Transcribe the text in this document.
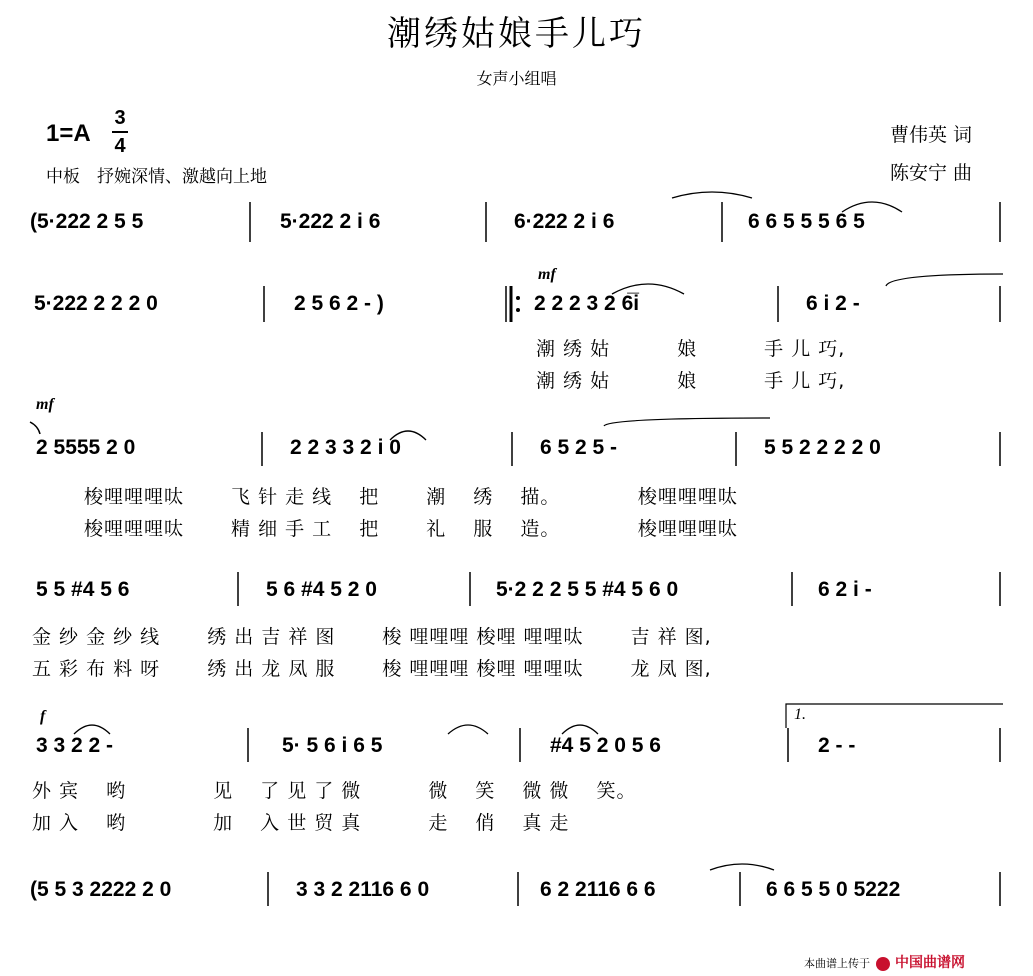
潮绣姑娘手儿巧
女声小组唱
1=A
3
4
中板　抒婉深情、激越向上地
曹伟英 词
陈安宁 曲
(5·222 2 5 5	5·222 2 i 6	6·222 2 i 6	6 6 5 5 5 6 5
mf
5·222 2 2 2 0	2 5 6 2 - )	2 2 2 3 2 6̅i	6 i 2 -
潮 绣 姑　　　 娘　　　 手 儿 巧,
潮 绣 姑　　　 娘　　　 手 儿 巧,
mf
2 5555 2 0	2 2 3 3 2 i 0	6 5 2 5 -	5 5 2 2 2 2 0
梭哩哩哩呔　　 飞 针 走 线　 把　　 潮　 绣　 描。　　　　 梭哩哩哩呔
梭哩哩哩呔　　 精 细 手 工　 把　　 礼　 服　 造。　　　　 梭哩哩哩呔
5 5 #4 5 6	5 6 #4 5 2 0	5·2 2 2 5 5 #4 5 6 0	6 2 i -
金 纱 金 纱 线　　 绣 出 吉 祥 图　　 梭 哩哩哩 梭哩 哩哩呔　　 吉 祥 图,
五 彩 布 料 呀　　 绣 出 龙 凤 服　　 梭 哩哩哩 梭哩 哩哩呔　　 龙 凤 图,
f	1.
3 3 2 2 -	5· 5 6 i 6 5	#4 5 2 0 5 6	2 - -
外 宾　 哟　　　　 见　 了 见 了 微　　　 微　 笑　 微 微　 笑。
加 入　 哟　　　　 加　 入 世 贸 真　　　 走　 俏　 真 走
(5 5 3 2222 2 0	3 3 2 2116 6 0	6 2 2116 6 6	6 6 5 5 0 5222
本曲谱上传于 中国曲谱网
